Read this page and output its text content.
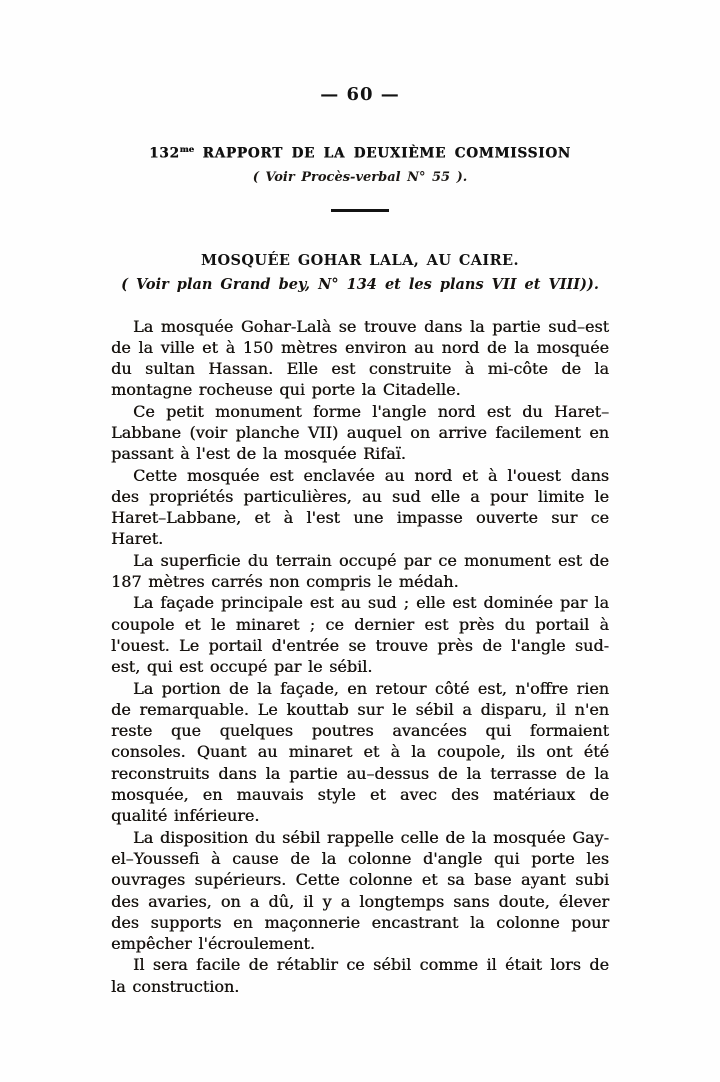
— 60 —
$132^{me}$ RAPPORT DE LA DEUXIÈME COMMISSION
( Voir Procès-verbal N° 55 ).
MOSQUÉE GOHAR LALA, AU CAIRE.
( Voir plan Grand bey, N° 134 et les plans VII et VIII)).

La mosquée Gohar-Lalà se trouve dans la partie sud–est de la ville et à 150 mètres environ au nord de la mosquée du sultan Hassan. Elle est construite à mi-côte de la montagne rocheuse qui porte la Citadelle.

Ce petit monument forme l'angle nord est du Haret–Labbane (voir planche VII) auquel on arrive facilement en passant à l'est de la mosquée Rifaï.

Cette mosquée est enclavée au nord et à l'ouest dans des propriétés particulières, au sud elle a pour limite le Haret–Labbane, et à l'est une impasse ouverte sur ce Haret.

La superficie du terrain occupé par ce monument est de 187 mètres carrés non compris le médah.

La façade principale est au sud ; elle est dominée par la coupole et le minaret ; ce dernier est près du portail à l'ouest. Le portail d'entrée se trouve près de l'angle sud-est, qui est occupé par le sébil.

La portion de la façade, en retour côté est, n'offre rien de remarquable. Le kouttab sur le sébil a disparu, il n'en reste que quelques poutres avancées qui formaient consoles. Quant au minaret et à la coupole, ils ont été reconstruits dans la partie au–dessus de la terrasse de la mosquée, en mauvais style et avec des matériaux de qualité inférieure.

La disposition du sébil rappelle celle de la mosquée Gay-el–Youssefi à cause de la colonne d'angle qui porte les ouvrages supérieurs. Cette colonne et sa base ayant subi des avaries, on a dû, il y a longtemps sans doute, élever des supports en maçonnerie encastrant la colonne pour empêcher l'écroulement.

Il sera facile de rétablir ce sébil comme il était lors de la construction.
